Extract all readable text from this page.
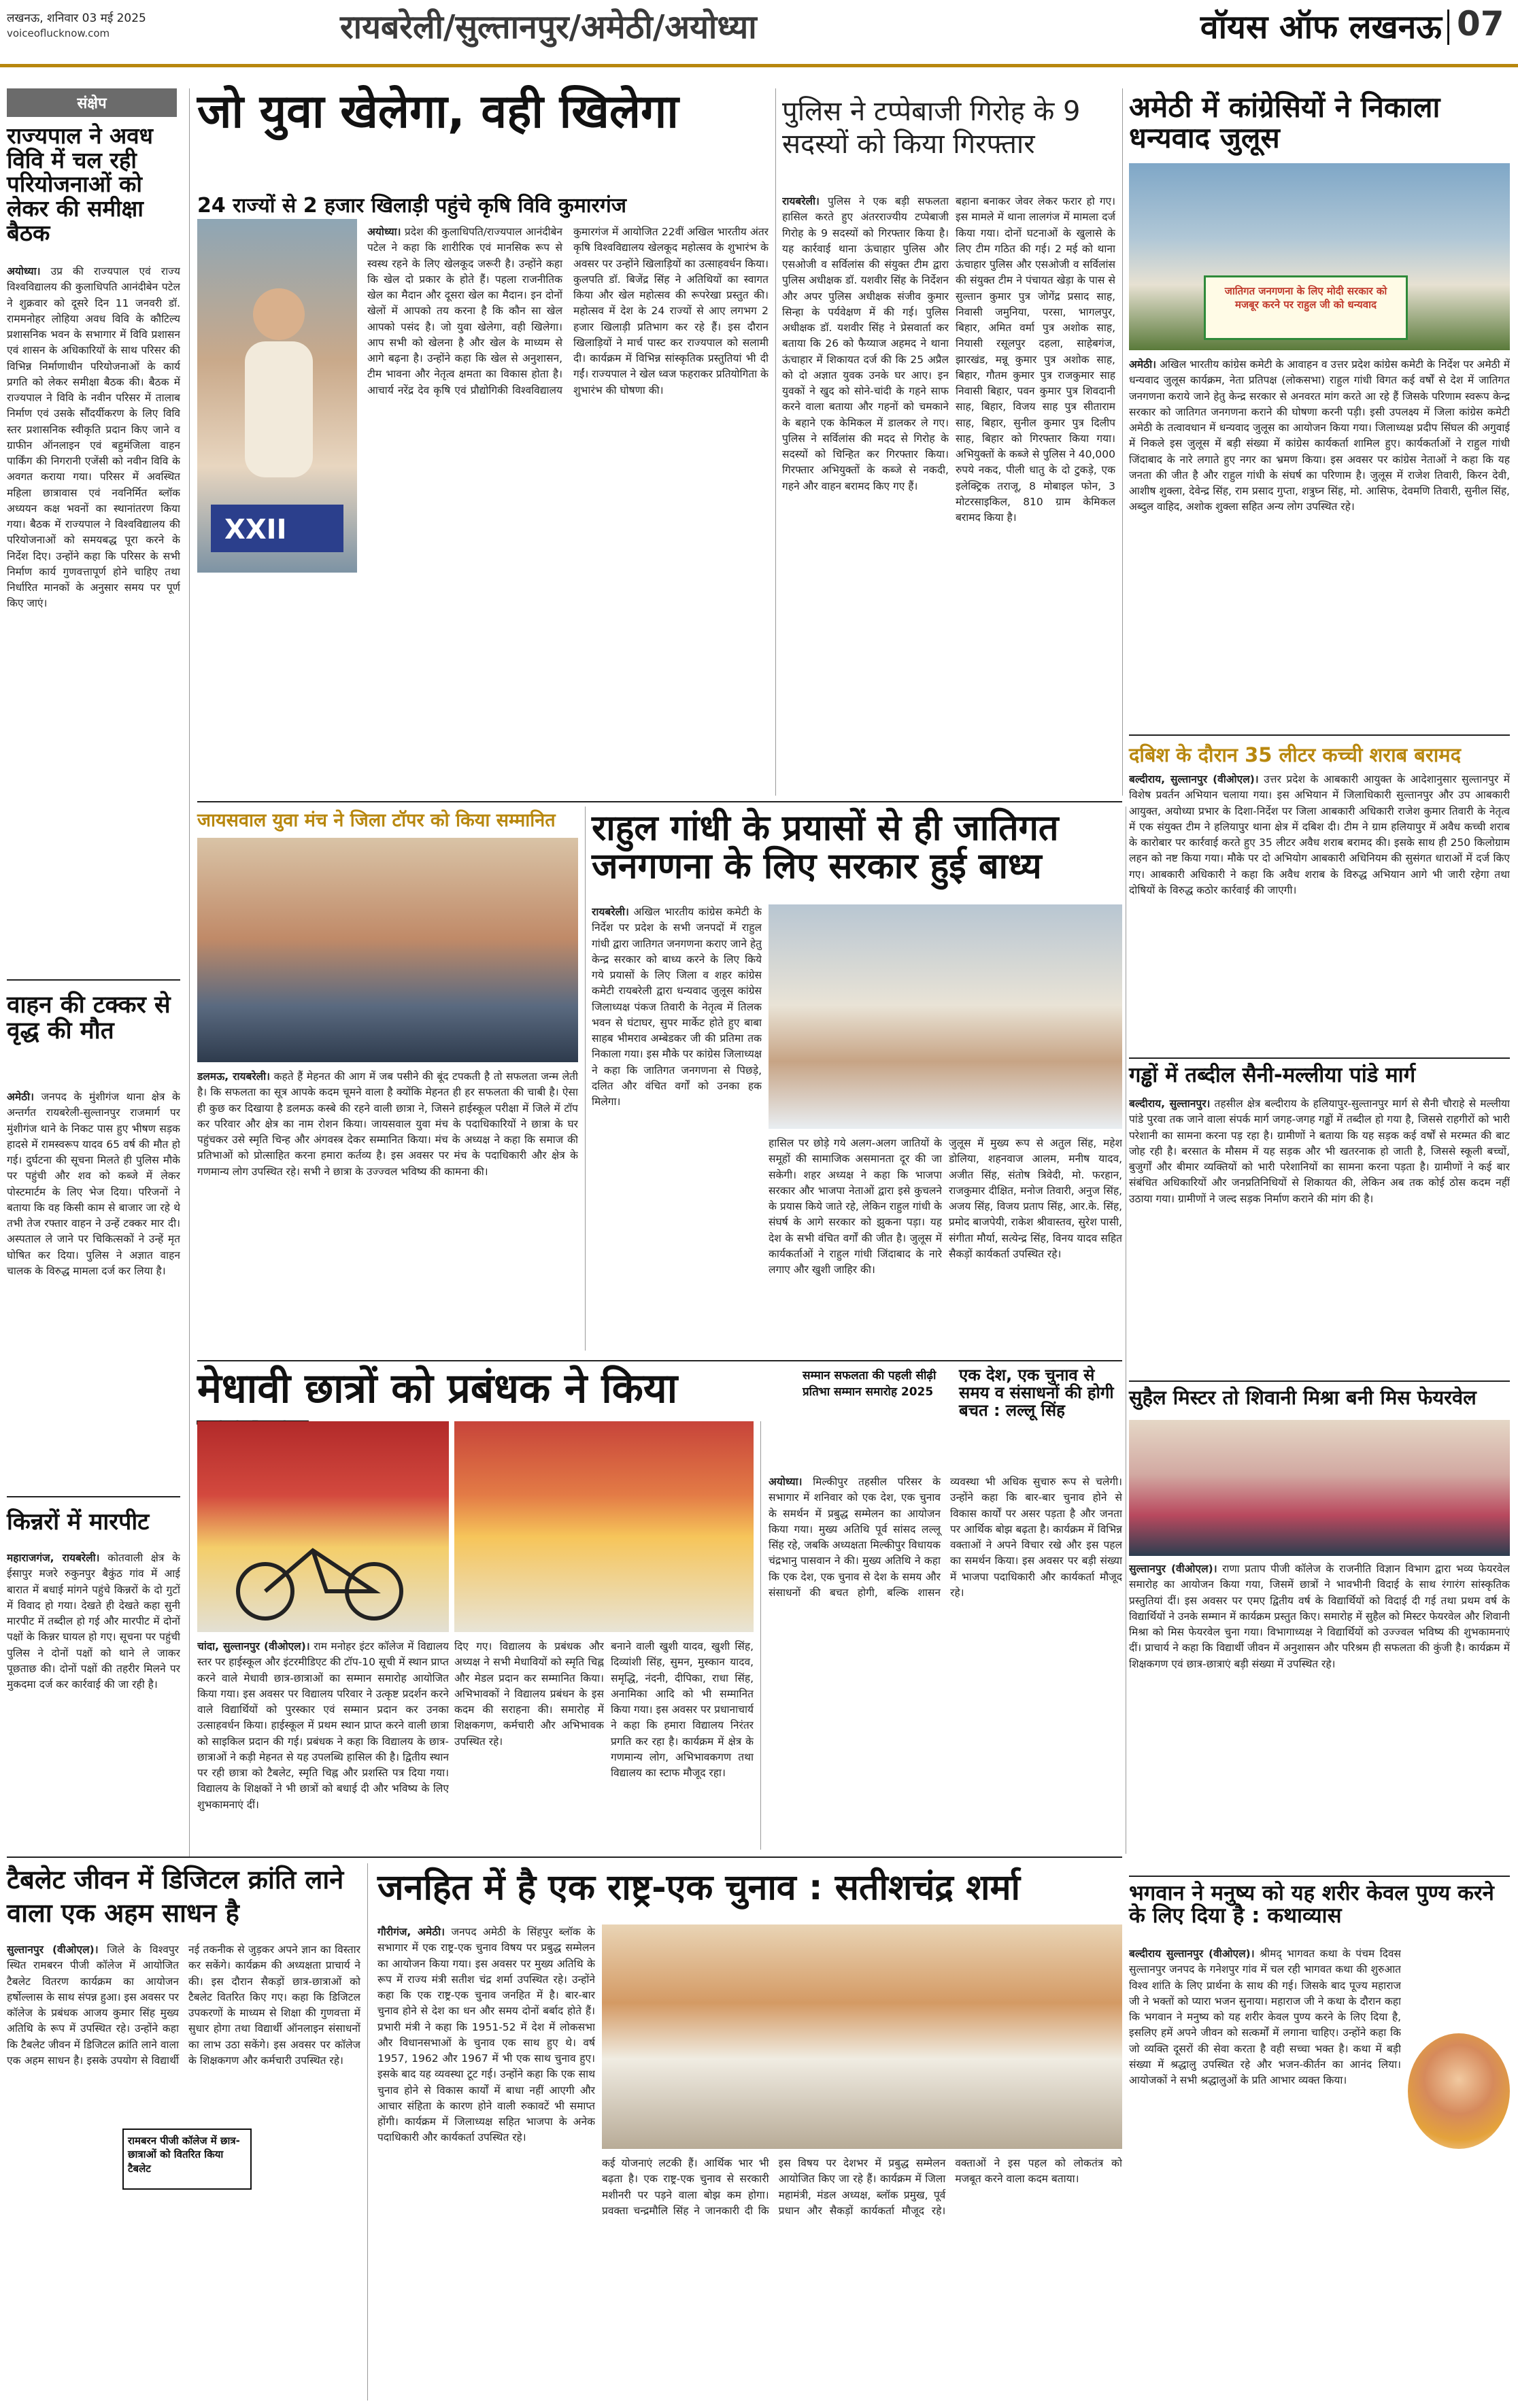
लखनऊ, शनिवार 03 मई 2025
voiceoflucknow.com	रायबरेली/सुल्तानपुर/अमेठी/अयोध्या	वॉयस ऑफ लखनऊ 07
संक्षेप
राज्यपाल ने अवध विवि में चल रही परियोजनाओं को लेकर की समीक्षा बैठक
अयोध्या। उप्र की राज्यपाल एवं राज्य विश्वविद्यालय की कुलाधिपति आनंदीबेन पटेल ने शुक्रवार को दूसरे दिन 11 जनवरी डॉ. राममनोहर लोहिया अवध विवि के कौटिल्य प्रशासनिक भवन के सभागार में विवि प्रशासन एवं शासन के अधिकारियों के साथ परिसर की विभिन्न निर्माणाधीन परियोजनाओं के कार्य प्रगति को लेकर समीक्षा बैठक की। बैठक में राज्यपाल ने विवि के नवीन परिसर में तालाब निर्माण एवं उसके सौंदर्यीकरण के लिए विवि स्तर प्रशासनिक स्वीकृति प्रदान किए जाने व ग्राफीन ऑनलाइन एवं बहुमंजिला वाहन पार्किंग की निगरानी एजेंसी को नवीन विवि के अवगत कराया गया। परिसर में अवस्थित महिला छात्रावास एवं नवनिर्मित ब्लॉक अध्ययन कक्ष भवनों का स्थानांतरण किया गया। बैठक में राज्यपाल ने विश्वविद्यालय की परियोजनाओं को समयबद्ध पूरा करने के निर्देश दिए। उन्होंने कहा कि परिसर के सभी निर्माण कार्य गुणवत्तापूर्ण होने चाहिए तथा निर्धारित मानकों के अनुसार समय पर पूर्ण किए जाएं।
वाहन की टक्कर से वृद्ध की मौत
अमेठी। जनपद के मुंशीगंज थाना क्षेत्र के अन्तर्गत रायबरेली-सुल्तानपुर राजमार्ग पर मुंशीगंज थाने के निकट पास हुए भीषण सड़क हादसे में रामस्वरूप यादव 65 वर्ष की मौत हो गई। दुर्घटना की सूचना मिलते ही पुलिस मौके पर पहुंची और शव को कब्जे में लेकर पोस्टमार्टम के लिए भेज दिया। परिजनों ने बताया कि वह किसी काम से बाजार जा रहे थे तभी तेज रफ्तार वाहन ने उन्हें टक्कर मार दी। अस्पताल ले जाने पर चिकित्सकों ने उन्हें मृत घोषित कर दिया। पुलिस ने अज्ञात वाहन चालक के विरुद्ध मामला दर्ज कर लिया है।
किन्नरों में मारपीट
महाराजगंज, रायबरेली। कोतवाली क्षेत्र के ईसापुर मजरे रुकुनपुर बैकुंठ गांव में आई बारात में बधाई मांगने पहुंचे किन्नरों के दो गुटों में विवाद हो गया। देखते ही देखते कहा सुनी मारपीट में तब्दील हो गई और मारपीट में दोनों पक्षों के किन्नर घायल हो गए। सूचना पर पहुंची पुलिस ने दोनों पक्षों को थाने ले जाकर पूछताछ की। दोनों पक्षों की तहरीर मिलने पर मुकदमा दर्ज कर कार्रवाई की जा रही है।
जो युवा खेलेगा, वही खिलेगा
24 राज्यों से 2 हजार खिलाड़ी पहुंचे कृषि विवि कुमारगंज
XXII
अयोध्या। प्रदेश की कुलाधिपति/राज्यपाल आनंदीबेन पटेल ने कहा कि शारीरिक एवं मानसिक रूप से स्वस्थ रहने के लिए खेलकूद जरूरी है। उन्होंने कहा कि खेल दो प्रकार के होते हैं। पहला राजनीतिक खेल का मैदान और दूसरा खेल का मैदान। इन दोनों खेलों में आपको तय करना है कि कौन सा खेल आपको पसंद है। जो युवा खेलेगा, वही खिलेगा। आप सभी को खेलना है और खेल के माध्यम से आगे बढ़ना है। उन्होंने कहा कि खेल से अनुशासन, टीम भावना और नेतृत्व क्षमता का विकास होता है। आचार्य नरेंद्र देव कृषि एवं प्रौद्योगिकी विश्वविद्यालय कुमारगंज में आयोजित 22वीं अखिल भारतीय अंतर कृषि विश्वविद्यालय खेलकूद महोत्सव के शुभारंभ के अवसर पर उन्होंने खिलाड़ियों का उत्साहवर्धन किया। कुलपति डॉ. बिजेंद्र सिंह ने अतिथियों का स्वागत किया और खेल महोत्सव की रूपरेखा प्रस्तुत की। महोत्सव में देश के 24 राज्यों से आए लगभग 2 हजार खिलाड़ी प्रतिभाग कर रहे हैं। इस दौरान खिलाड़ियों ने मार्च पास्ट कर राज्यपाल को सलामी दी। कार्यक्रम में विभिन्न सांस्कृतिक प्रस्तुतियां भी दी गईं। राज्यपाल ने खेल ध्वज फहराकर प्रतियोगिता के शुभारंभ की घोषणा की।
पुलिस ने टप्पेबाजी गिरोह के 9 सदस्यों को किया गिरफ्तार
रायबरेली। पुलिस ने एक बड़ी सफलता हासिल करते हुए अंतरराज्यीय टप्पेबाजी गिरोह के 9 सदस्यों को गिरफ्तार किया है। यह कार्रवाई थाना ऊंचाहार पुलिस और एसओजी व सर्विलांस की संयुक्त टीम द्वारा पुलिस अधीक्षक डॉ. यशवीर सिंह के निर्देशन और अपर पुलिस अधीक्षक संजीव कुमार सिन्हा के पर्यवेक्षण में की गई। पुलिस अधीक्षक डॉ. यशवीर सिंह ने प्रेसवार्ता कर बताया कि 26 को फैय्याज अहमद ने थाना ऊंचाहार में शिकायत दर्ज की कि 25 अप्रैल को दो अज्ञात युवक उनके घर आए। इन युवकों ने खुद को सोने-चांदी के गहने साफ करने वाला बताया और गहनों को चमकाने के बहाने एक केमिकल में डालकर ले गए। पुलिस ने सर्विलांस की मदद से गिरोह के सदस्यों को चिन्हित कर गिरफ्तार किया। गिरफ्तार अभियुक्तों के कब्जे से नकदी, गहने और वाहन बरामद किए गए हैं।
बहाना बनाकर जेवर लेकर फरार हो गए। इस मामले में थाना लालगंज में मामला दर्ज किया गया। दोनों घटनाओं के खुलासे के लिए टीम गठित की गई। 2 मई को थाना ऊंचाहार पुलिस और एसओजी व सर्विलांस की संयुक्त टीम ने पंचायत खेड़ा के पास से सुल्तान कुमार पुत्र जोगेंद्र प्रसाद साह, निवासी जमुनिया, परसा, भागलपुर, बिहार, अमित वर्मा पुत्र अशोक साह, नियासी रसूलपुर दहला, साहेबगंज, झारखंड, मन्नू कुमार पुत्र अशोक साह, बिहार, गौतम कुमार पुत्र राजकुमार साह निवासी बिहार, पवन कुमार पुत्र शिवदानी साह, बिहार, विजय साह पुत्र सीताराम साह, बिहार, सुनील कुमार पुत्र दिलीप साह, बिहार को गिरफ्तार किया गया। अभियुक्तों के कब्जे से पुलिस ने 40,000 रुपये नकद, पीली धातु के दो टुकड़े, एक इलेक्ट्रिक तराजू, 8 मोबाइल फोन, 3 मोटरसाइकिल, 810 ग्राम केमिकल बरामद किया है।
अमेठी में कांग्रेसियों ने निकाला धन्यवाद जुलूस
जातिगत जनगणना के लिए मोदी सरकार को मजबूर करने पर राहुल जी को धन्यवाद
अमेठी। अखिल भारतीय कांग्रेस कमेटी के आवाहन व उत्तर प्रदेश कांग्रेस कमेटी के निर्देश पर अमेठी में धन्यवाद जुलूस कार्यक्रम, नेता प्रतिपक्ष (लोकसभा) राहुल गांधी विगत कई वर्षों से देश में जातिगत जनगणना कराये जाने हेतु केन्द्र सरकार से अनवरत मांग करते आ रहे हैं जिसके परिणाम स्वरूप केन्द्र सरकार को जातिगत जनगणना कराने की घोषणा करनी पड़ी। इसी उपलक्ष्य में जिला कांग्रेस कमेटी अमेठी के तत्वावधान में धन्यवाद जुलूस का आयोजन किया गया। जिलाध्यक्ष प्रदीप सिंघल की अगुवाई में निकले इस जुलूस में बड़ी संख्या में कांग्रेस कार्यकर्ता शामिल हुए। कार्यकर्ताओं ने राहुल गांधी जिंदाबाद के नारे लगाते हुए नगर का भ्रमण किया। इस अवसर पर कांग्रेस नेताओं ने कहा कि यह जनता की जीत है और राहुल गांधी के संघर्ष का परिणाम है। जुलूस में राजेश तिवारी, किरन देवी, आशीष शुक्ला, देवेन्द्र सिंह, राम प्रसाद गुप्ता, शत्रुघ्न सिंह, मो. आसिफ, देवमणि तिवारी, सुनील सिंह, अब्दुल वाहिद, अशोक शुक्ला सहित अन्य लोग उपस्थित रहे।
दबिश के दौरान 35 लीटर कच्ची शराब बरामद
बल्दीराय, सुल्तानपुर (वीओएल)। उत्तर प्रदेश के आबकारी आयुक्त के आदेशानुसार सुल्तानपुर में विशेष प्रवर्तन अभियान चलाया गया। इस अभियान में जिलाधिकारी सुल्तानपुर और उप आबकारी आयुक्त, अयोध्या प्रभार के दिशा-निर्देश पर जिला आबकारी अधिकारी राजेश कुमार तिवारी के नेतृत्व में एक संयुक्त टीम ने हलियापुर थाना क्षेत्र में दबिश दी। टीम ने ग्राम हलियापुर में अवैध कच्ची शराब के कारोबार पर कार्रवाई करते हुए 35 लीटर अवैध शराब बरामद की। इसके साथ ही 250 किलोग्राम लहन को नष्ट किया गया। मौके पर दो अभियोग आबकारी अधिनियम की सुसंगत धाराओं में दर्ज किए गए। आबकारी अधिकारी ने कहा कि अवैध शराब के विरुद्ध अभियान आगे भी जारी रहेगा तथा दोषियों के विरुद्ध कठोर कार्रवाई की जाएगी।
गड्ढों में तब्दील सैनी-मल्लीया पांडे मार्ग
बल्दीराय, सुल्तानपुर। तहसील क्षेत्र बल्दीराय के हलियापुर-सुल्तानपुर मार्ग से सैनी चौराहे से मल्लीया पांडे पुरवा तक जाने वाला संपर्क मार्ग जगह-जगह गड्ढों में तब्दील हो गया है, जिससे राहगीरों को भारी परेशानी का सामना करना पड़ रहा है। ग्रामीणों ने बताया कि यह सड़क कई वर्षों से मरम्मत की बाट जोह रही है। बरसात के मौसम में यह सड़क और भी खतरनाक हो जाती है, जिससे स्कूली बच्चों, बुजुर्गों और बीमार व्यक्तियों को भारी परेशानियों का सामना करना पड़ता है। ग्रामीणों ने कई बार संबंधित अधिकारियों और जनप्रतिनिधियों से शिकायत की, लेकिन अब तक कोई ठोस कदम नहीं उठाया गया। ग्रामीणों ने जल्द सड़क निर्माण कराने की मांग की है।
सुहैल मिस्टर तो शिवानी मिश्रा बनी मिस फेयरवेल
सुल्तानपुर (वीओएल)। राणा प्रताप पीजी कॉलेज के राजनीति विज्ञान विभाग द्वारा भव्य फेयरवेल समारोह का आयोजन किया गया, जिसमें छात्रों ने भावभीनी विदाई के साथ रंगारंग सांस्कृतिक प्रस्तुतियां दीं। इस अवसर पर एमए द्वितीय वर्ष के विद्यार्थियों को विदाई दी गई तथा प्रथम वर्ष के विद्यार्थियों ने उनके सम्मान में कार्यक्रम प्रस्तुत किए। समारोह में सुहैल को मिस्टर फेयरवेल और शिवानी मिश्रा को मिस फेयरवेल चुना गया। विभागाध्यक्ष ने विद्यार्थियों को उज्ज्वल भविष्य की शुभकामनाएं दीं। प्राचार्य ने कहा कि विद्यार्थी जीवन में अनुशासन और परिश्रम ही सफलता की कुंजी है। कार्यक्रम में शिक्षकगण एवं छात्र-छात्राएं बड़ी संख्या में उपस्थित रहे।
भगवान ने मनुष्य को यह शरीर केवल पुण्य करने के लिए दिया है : कथाव्यास
बल्दीराय सुल्तानपुर (वीओएल)। श्रीमद् भागवत कथा के पंचम दिवस सुल्तानपुर जनपद के गनेशपुर गांव में चल रही भागवत कथा की शुरुआत विश्व शांति के लिए प्रार्थना के साथ की गई। जिसके बाद पूज्य महाराज जी ने भक्तों को प्यारा भजन सुनाया। महाराज जी ने कथा के दौरान कहा कि भगवान ने मनुष्य को यह शरीर केवल पुण्य करने के लिए दिया है, इसलिए हमें अपने जीवन को सत्कर्मों में लगाना चाहिए। उन्होंने कहा कि जो व्यक्ति दूसरों की सेवा करता है वही सच्चा भक्त है। कथा में बड़ी संख्या में श्रद्धालु उपस्थित रहे और भजन-कीर्तन का आनंद लिया। आयोजकों ने सभी श्रद्धालुओं के प्रति आभार व्यक्त किया।
जायसवाल युवा मंच ने जिला टॉपर को किया सम्मानित
डलमऊ, रायबरेली। कहते हैं मेहनत की आग में जब पसीने की बूंद टपकती है तो सफलता जन्म लेती है। कि सफलता का सूत्र आपके कदम चूमने वाला है क्योंकि मेहनत ही हर सफलता की चाबी है। ऐसा ही कुछ कर दिखाया है डलमऊ कस्बे की रहने वाली छात्रा ने, जिसने हाईस्कूल परीक्षा में जिले में टॉप कर परिवार और क्षेत्र का नाम रोशन किया। जायसवाल युवा मंच के पदाधिकारियों ने छात्रा के घर पहुंचकर उसे स्मृति चिन्ह और अंगवस्त्र देकर सम्मानित किया। मंच के अध्यक्ष ने कहा कि समाज की प्रतिभाओं को प्रोत्साहित करना हमारा कर्तव्य है। इस अवसर पर मंच के पदाधिकारी और क्षेत्र के गणमान्य लोग उपस्थित रहे। सभी ने छात्रा के उज्ज्वल भविष्य की कामना की।
राहुल गांधी के प्रयासों से ही जातिगत जनगणना के लिए सरकार हुई बाध्य
रायबरेली। अखिल भारतीय कांग्रेस कमेटी के निर्देश पर प्रदेश के सभी जनपदों में राहुल गांधी द्वारा जातिगत जनगणना कराए जाने हेतु केन्द्र सरकार को बाध्य करने के लिए किये गये प्रयासों के लिए जिला व शहर कांग्रेस कमेटी रायबरेली द्वारा धन्यवाद जुलूस कांग्रेस जिलाध्यक्ष पंकज तिवारी के नेतृत्व में तिलक भवन से घंटाघर, सुपर मार्केट होते हुए बाबा साहब भीमराव अम्बेडकर जी की प्रतिमा तक निकाला गया। इस मौके पर कांग्रेस जिलाध्यक्ष ने कहा कि जातिगत जनगणना से पिछड़े, दलित और वंचित वर्गों को उनका हक मिलेगा।
हासिल पर छोड़े गये अलग-अलग जातियों के समूहों की सामाजिक असमानता दूर की जा सकेगी। शहर अध्यक्ष ने कहा कि भाजपा सरकार और भाजपा नेताओं द्वारा इसे कुचलने के प्रयास किये जाते रहे, लेकिन राहुल गांधी के संघर्ष के आगे सरकार को झुकना पड़ा। यह देश के सभी वंचित वर्गों की जीत है। जुलूस में कार्यकर्ताओं ने राहुल गांधी जिंदाबाद के नारे लगाए और खुशी जाहिर की।
जुलूस में मुख्य रूप से अतुल सिंह, महेश डोलिया, शहनवाज आलम, मनीष यादव, अजीत सिंह, संतोष त्रिवेदी, मो. फरहान, राजकुमार दीक्षित, मनोज तिवारी, अनुज सिंह, अजय सिंह, विजय प्रताप सिंह, आर.के. सिंह, प्रमोद बाजपेयी, राकेश श्रीवास्तव, सुरेश पासी, संगीता मौर्या, सत्येन्द्र सिंह, विनय यादव सहित सैकड़ों कार्यकर्ता उपस्थित रहे।
मेधावी छात्रों को प्रबंधक ने किया	सम्मान सफलता की पहली सीढ़ी
प्रतिभा सम्मान समारोह 2025
चांदा, सुल्तानपुर (वीओएल)। राम मनोहर इंटर कॉलेज में विद्यालय स्तर पर हाईस्कूल और इंटरमीडिएट की टॉप-10 सूची में स्थान प्राप्त करने वाले मेधावी छात्र-छात्राओं का सम्मान समारोह आयोजित किया गया। इस अवसर पर विद्यालय परिवार ने उत्कृष्ट प्रदर्शन करने वाले विद्यार्थियों को पुरस्कार एवं सम्मान प्रदान कर उनका उत्साहवर्धन किया। हाईस्कूल में प्रथम स्थान प्राप्त करने वाली छात्रा को साइकिल प्रदान की गई। प्रबंधक ने कहा कि विद्यालय के छात्र-छात्राओं ने कड़ी मेहनत से यह उपलब्धि हासिल की है। द्वितीय स्थान पर रही छात्रा को टैबलेट, स्मृति चिह्न और प्रशस्ति पत्र दिया गया। विद्यालय के शिक्षकों ने भी छात्रों को बधाई दी और भविष्य के लिए शुभकामनाएं दीं।
दिए गए। विद्यालय के प्रबंधक और अध्यक्ष ने सभी मेधावियों को स्मृति चिह्न और मेडल प्रदान कर सम्मानित किया। अभिभावकों ने विद्यालय प्रबंधन के इस कदम की सराहना की। समारोह में शिक्षकगण, कर्मचारी और अभिभावक उपस्थित रहे।
बनाने वाली खुशी यादव, खुशी सिंह, दिव्यांशी सिंह, सुमन, मुस्कान यादव, समृद्धि, नंदनी, दीपिका, राधा सिंह, अनामिका आदि को भी सम्मानित किया गया। इस अवसर पर प्रधानाचार्य ने कहा कि हमारा विद्यालय निरंतर प्रगति कर रहा है। कार्यक्रम में क्षेत्र के गणमान्य लोग, अभिभावकगण तथा विद्यालय का स्टाफ मौजूद रहा।
एक देश, एक चुनाव से समय व संसाधनों की होगी बचत : लल्लू सिंह
अयोध्या। मिल्कीपुर तहसील परिसर के सभागार में शनिवार को एक देश, एक चुनाव के समर्थन में प्रबुद्ध सम्मेलन का आयोजन किया गया। मुख्य अतिथि पूर्व सांसद लल्लू सिंह रहे, जबकि अध्यक्षता मिल्कीपुर विधायक चंद्रभानु पासवान ने की। मुख्य अतिथि ने कहा कि एक देश, एक चुनाव से देश के समय और संसाधनों की बचत होगी, बल्कि शासन व्यवस्था भी अधिक सुचारु रूप से चलेगी। उन्होंने कहा कि बार-बार चुनाव होने से विकास कार्यों पर असर पड़ता है और जनता पर आर्थिक बोझ बढ़ता है। कार्यक्रम में विभिन्न वक्ताओं ने अपने विचार रखे और इस पहल का समर्थन किया। इस अवसर पर बड़ी संख्या में भाजपा पदाधिकारी और कार्यकर्ता मौजूद रहे।
टैबलेट जीवन में डिजिटल क्रांति लाने वाला एक अहम साधन है
सुल्तानपुर (वीओएल)। जिले के विश्वपुर स्थित रामबरन पीजी कॉलेज में आयोजित टैबलेट वितरण कार्यक्रम का आयोजन हर्षोल्लास के साथ संपन्न हुआ। इस अवसर पर कॉलेज के प्रबंधक आजय कुमार सिंह मुख्य अतिथि के रूप में उपस्थित रहे। उन्होंने कहा कि टैबलेट जीवन में डिजिटल क्रांति लाने वाला एक अहम साधन है। इसके उपयोग से विद्यार्थी नई तकनीक से जुड़कर अपने ज्ञान का विस्तार कर सकेंगे। कार्यक्रम की अध्यक्षता प्राचार्य ने की। इस दौरान सैकड़ों छात्र-छात्राओं को टैबलेट वितरित किए गए। कहा कि डिजिटल उपकरणों के माध्यम से शिक्षा की गुणवत्ता में सुधार होगा तथा विद्यार्थी ऑनलाइन संसाधनों का लाभ उठा सकेंगे। इस अवसर पर कॉलेज के शिक्षकगण और कर्मचारी उपस्थित रहे।
रामबरन पीजी कॉलेज में छात्र-छात्राओं को वितरित किया टैबलेट
जनहित में है एक राष्ट्र-एक चुनाव : सतीशचंद्र शर्मा
गौरीगंज, अमेठी। जनपद अमेठी के सिंहपुर ब्लॉक के सभागार में एक राष्ट्र-एक चुनाव विषय पर प्रबुद्ध सम्मेलन का आयोजन किया गया। इस अवसर पर मुख्य अतिथि के रूप में राज्य मंत्री सतीश चंद्र शर्मा उपस्थित रहे। उन्होंने कहा कि एक राष्ट्र-एक चुनाव जनहित में है। बार-बार चुनाव होने से देश का धन और समय दोनों बर्बाद होते हैं। प्रभारी मंत्री ने कहा कि 1951-52 में देश में लोकसभा और विधानसभाओं के चुनाव एक साथ हुए थे। वर्ष 1957, 1962 और 1967 में भी एक साथ चुनाव हुए। इसके बाद यह व्यवस्था टूट गई। उन्होंने कहा कि एक साथ चुनाव होने से विकास कार्यों में बाधा नहीं आएगी और आचार संहिता के कारण होने वाली रुकावटें भी समाप्त होंगी। कार्यक्रम में जिलाध्यक्ष सहित भाजपा के अनेक पदाधिकारी और कार्यकर्ता उपस्थित रहे।
कई योजनाएं लटकी हैं। आर्थिक भार भी बढ़ता है। एक राष्ट्र-एक चुनाव से सरकारी मशीनरी पर पड़ने वाला बोझ कम होगा। प्रवक्ता चन्द्रमौलि सिंह ने जानकारी दी कि इस विषय पर देशभर में प्रबुद्ध सम्मेलन आयोजित किए जा रहे हैं। कार्यक्रम में जिला महामंत्री, मंडल अध्यक्ष, ब्लॉक प्रमुख, पूर्व प्रधान और सैकड़ों कार्यकर्ता मौजूद रहे। वक्ताओं ने इस पहल को लोकतंत्र को मजबूत करने वाला कदम बताया।
